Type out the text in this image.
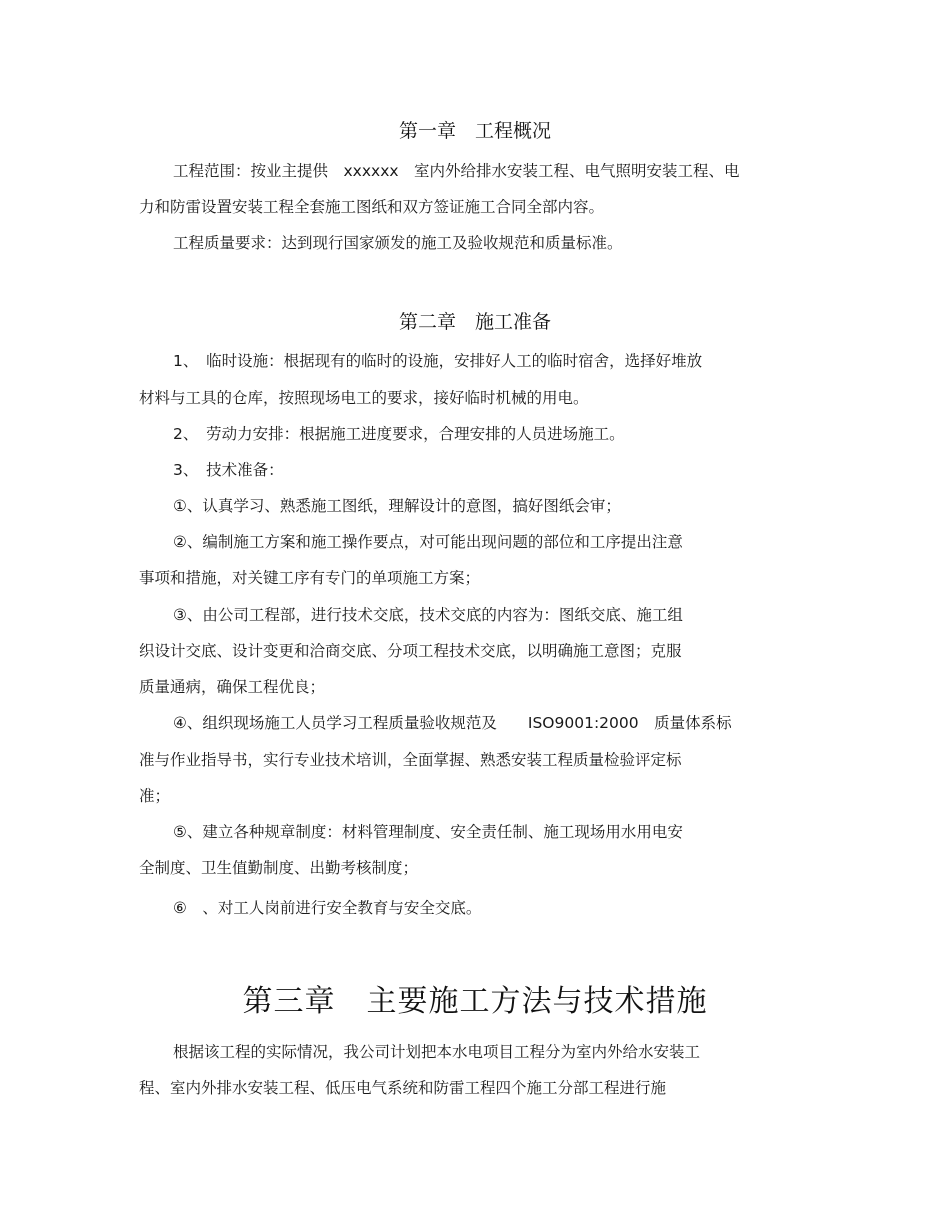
第一章　工程概况
工程范围：按业主提供　xxxxxx　室内外给排水安装工程、电气照明安装工程、电
力和防雷设置安装工程全套施工图纸和双方签证施工合同全部内容。
工程质量要求：达到现行国家颁发的施工及验收规范和质量标准。
第二章　施工准备
1、　临时设施：根据现有的临时的设施，安排好人工的临时宿舍，选择好堆放
材料与工具的仓库，按照现场电工的要求，接好临时机械的用电。
2、　劳动力安排：根据施工进度要求，合理安排的人员进场施工。
3、　技术准备：
①、认真学习、熟悉施工图纸，理解设计的意图，搞好图纸会审；
②、编制施工方案和施工操作要点，对可能出现问题的部位和工序提出注意
事项和措施，对关键工序有专门的单项施工方案；
③、由公司工程部，进行技术交底，技术交底的内容为：图纸交底、施工组
织设计交底、设计变更和洽商交底、分项工程技术交底，以明确施工意图；克服
质量通病，确保工程优良；
④、组织现场施工人员学习工程质量验收规范及　　ISO9001:2000　质量体系标
准与作业指导书，实行专业技术培训，全面掌握、熟悉安装工程质量检验评定标
准；
⑤、建立各种规章制度：材料管理制度、安全责任制、施工现场用水用电安
全制度、卫生值勤制度、出勤考核制度；
⑥　、对工人岗前进行安全教育与安全交底。
第三章　主要施工方法与技术措施
根据该工程的实际情况，我公司计划把本水电项目工程分为室内外给水安装工
程、室内外排水安装工程、低压电气系统和防雷工程四个施工分部工程进行施
